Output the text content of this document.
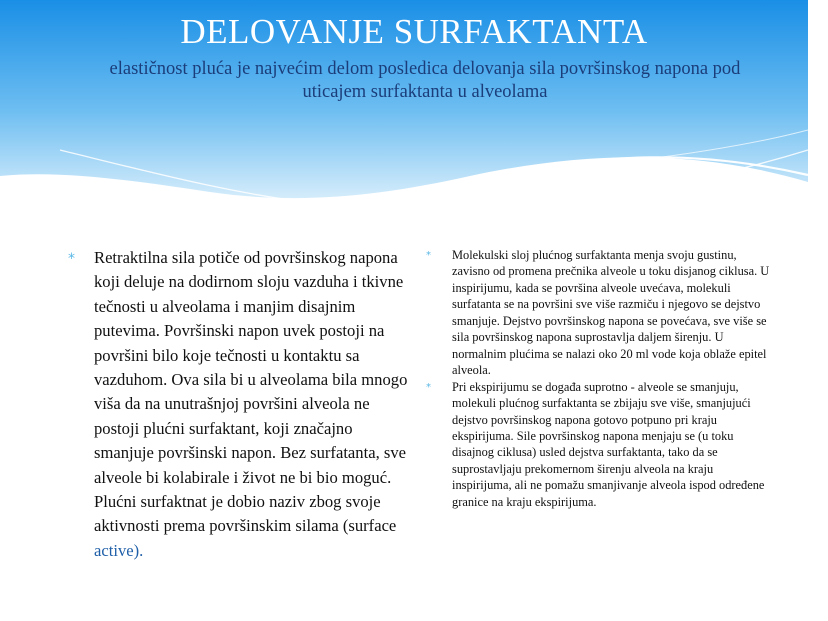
DELOVANJE SURFAKTANTA
elastičnost pluća je najvećim delom posledica delovanja sila površinskog napona pod uticajem surfaktanta u alveolama
* Retraktilna sila potiče od površinskog napona koji deluje na dodirnom sloju vazduha i tkivne tečnosti u alveolama i manjim disajnim putevima. Površinski napon uvek postoji na površini bilo koje tečnosti u kontaktu sa vazduhom. Ova sila bi u alveolama bila mnogo viša da na unutrašnjoj površini alveola ne postoji plućni surfaktant, koji značajno smanjuje površinski napon. Bez surfatanta, sve alveole bi kolabirale i život ne bi bio moguć. Plućni surfaktnat je dobio naziv zbog svoje aktivnosti prema površinskim silama (surface active).
* Molekulski sloj plućnog surfaktanta menja svoju gustinu, zavisno od promena prečnika alveole u toku disjanog ciklusa. U inspirijumu, kada se površina alveole uvećava, molekuli surfatanta se na površini sve više razmiču i njegovo se dejstvo smanjuje. Dejstvo površinskog napona se povećava, sve više se sila površinskog napona suprostavlja daljem širenju. U normalnim plućima se nalazi oko 20 ml vode koja oblaže epitel alveola.
* Pri ekspirijumu se događa suprotno - alveole se smanjuju, molekuli plućnog surfaktanta se zbijaju sve više, smanjujući dejstvo površinskog napona gotovo potpuno pri kraju ekspirijuma. Sile površinskog napona menjaju se (u toku disajnog ciklusa) usled dejstva surfaktanta, tako da se suprostavljaju prekomernom širenju alveola na kraju inspirijuma, ali ne pomažu smanjivanje alveola ispod određene granice na kraju ekspirijuma.
